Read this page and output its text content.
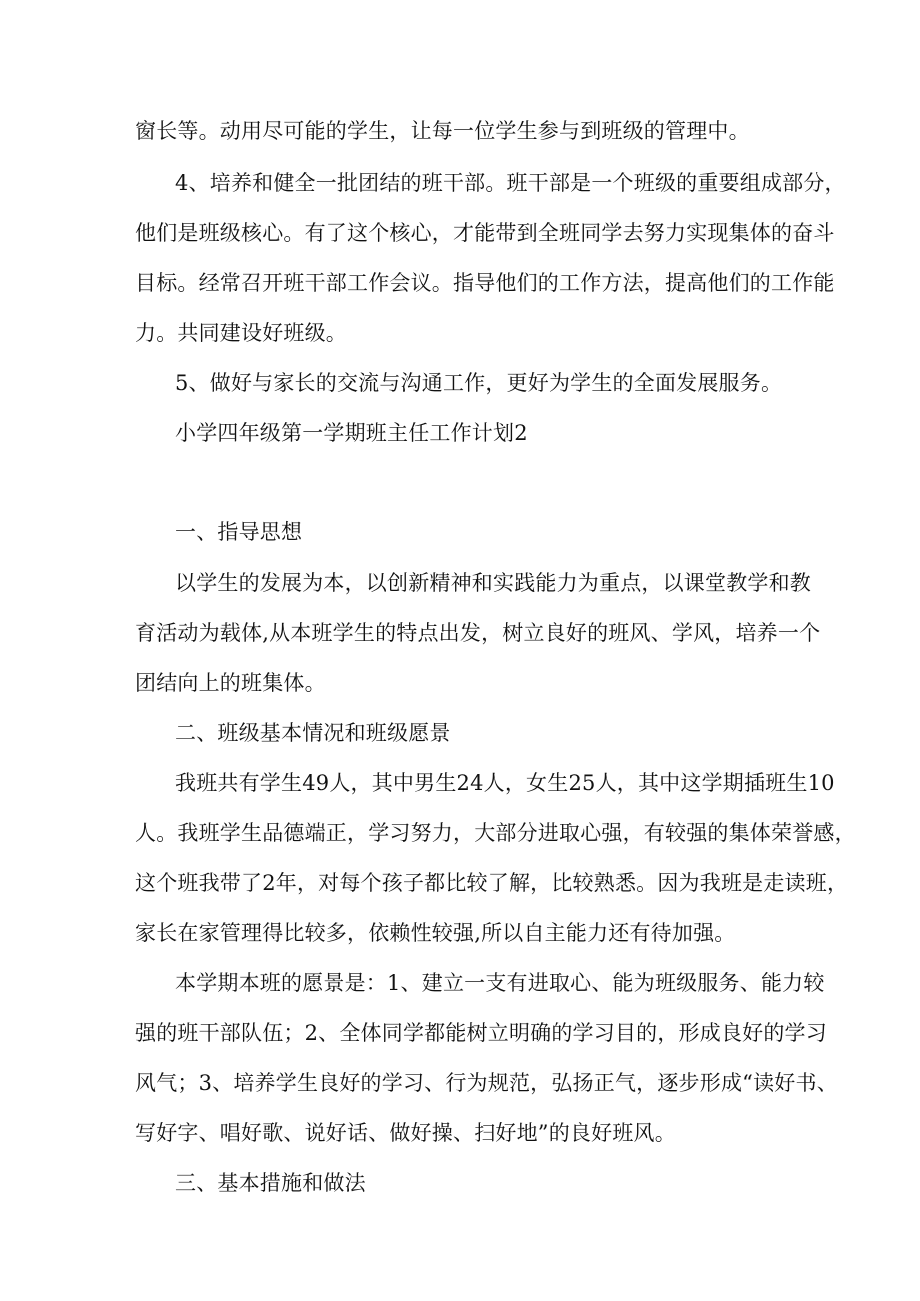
窗长等。动用尽可能的学生，让每一位学生参与到班级的管理中。
4、培养和健全一批团结的班干部。班干部是一个班级的重要组成部分，
他们是班级核心。有了这个核心，才能带到全班同学去努力实现集体的奋斗
目标。经常召开班干部工作会议。指导他们的工作方法，提高他们的工作能
力。共同建设好班级。
5、做好与家长的交流与沟通工作，更好为学生的全面发展服务。
小学四年级第一学期班主任工作计划2
一、指导思想
以学生的发展为本，以创新精神和实践能力为重点，以课堂教学和教
育活动为载体,从本班学生的特点出发，树立良好的班风、学风，培养一个
团结向上的班集体。
二、班级基本情况和班级愿景
我班共有学生49人，其中男生24人，女生25人，其中这学期插班生10
人。我班学生品德端正，学习努力，大部分进取心强，有较强的集体荣誉感，
这个班我带了2年，对每个孩子都比较了解，比较熟悉。因为我班是走读班，
家长在家管理得比较多，依赖性较强,所以自主能力还有待加强。
本学期本班的愿景是：1、建立一支有进取心、能为班级服务、能力较
强的班干部队伍；2、全体同学都能树立明确的学习目的，形成良好的学习
风气；3、培养学生良好的学习、行为规范，弘扬正气，逐步形成“读好书、
写好字、唱好歌、说好话、做好操、扫好地”的良好班风。
三、基本措施和做法
